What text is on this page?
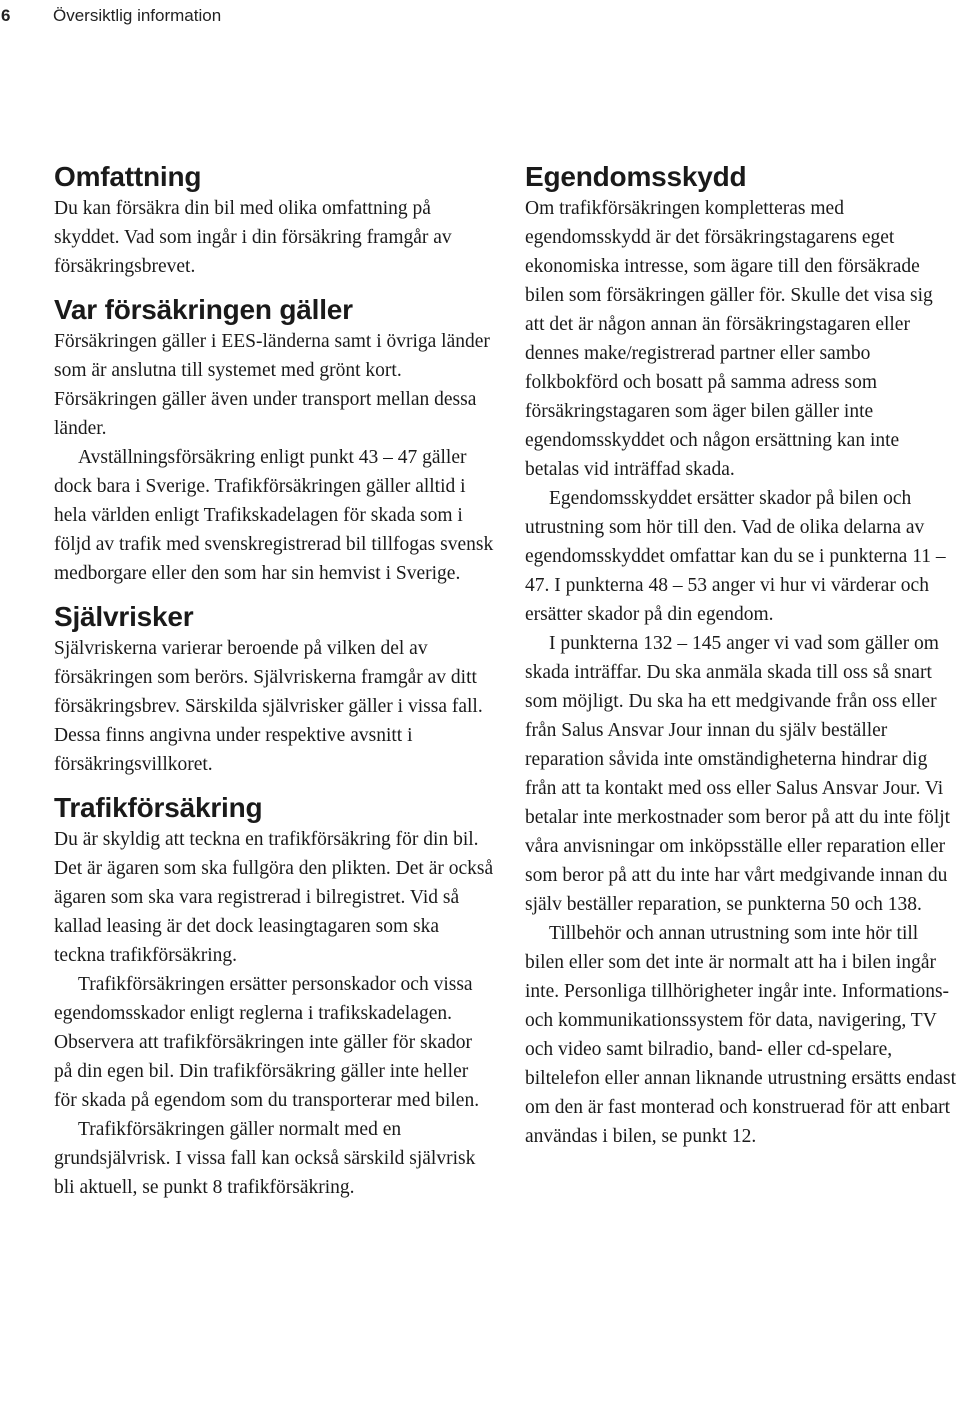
6	Översiktlig information
Omfattning

Du kan försäkra din bil med olika omfattning på skyddet. Vad som ingår i din försäkring framgår av försäkringsbrevet.

Var försäkringen gäller

Försäkringen gäller i EES-länderna samt i övriga länder som är anslutna till systemet med grönt kort. Försäkringen gäller även under transport mellan dessa länder.

Avställningsförsäkring enligt punkt 43 – 47 gäller dock bara i Sverige. Trafikförsäkringen gäller alltid i hela världen enligt Trafikskadelagen för skada som i följd av trafik med svenskregistrerad bil tillfogas svensk medborgare eller den som har sin hemvist i Sverige.

Självrisker

Självriskerna varierar beroende på vilken del av försäkringen som berörs. Självriskerna framgår av ditt försäkringsbrev. Särskilda självrisker gäller i vissa fall. Dessa finns angivna under respektive avsnitt i försäkringsvillkoret.

Trafikförsäkring

Du är skyldig att teckna en trafikförsäkring för din bil. Det är ägaren som ska fullgöra den plikten. Det är också ägaren som ska vara registrerad i bilregistret. Vid så kallad leasing är det dock leasingtagaren som ska teckna trafikförsäkring.

Trafikförsäkringen ersätter personskador och vissa egendomsskador enligt reglerna i trafikskadelagen. Observera att trafikförsäkringen inte gäller för skador på din egen bil. Din trafikförsäkring gäller inte heller för skada på egendom som du transporterar med bilen.

Trafikförsäkringen gäller normalt med en grundsjälvrisk. I vissa fall kan också särskild självrisk bli aktuell, se punkt 8 trafikförsäkring.

Egendomsskydd

Om trafikförsäkringen kompletteras med egendomsskydd är det försäkringstagarens eget ekonomiska intresse, som ägare till den försäkrade bilen som försäkringen gäller för. Skulle det visa sig att det är någon annan än försäkringstagaren eller dennes make/registrerad partner eller sambo folkbokförd och bosatt på samma adress som försäkringstagaren som äger bilen gäller inte egendomsskyddet och någon ersättning kan inte betalas vid inträffad skada.

Egendomsskyddet ersätter skador på bilen och utrustning som hör till den. Vad de olika delarna av egendomsskyddet omfattar kan du se i punkterna 11 – 47. I punkterna 48 – 53 anger vi hur vi värderar och ersätter skador på din egendom.

I punkterna 132 – 145 anger vi vad som gäller om skada inträffar. Du ska anmäla skada till oss så snart som möjligt. Du ska ha ett medgivande från oss eller från Salus Ansvar Jour innan du själv beställer reparation såvida inte omständigheterna hindrar dig från att ta kontakt med oss eller Salus Ansvar Jour. Vi betalar inte merkostnader som beror på att du inte följt våra anvisningar om inköpsställe eller reparation eller som beror på att du inte har vårt medgivande innan du själv beställer reparation, se punkterna 50 och 138.

Tillbehör och annan utrustning som inte hör till bilen eller som det inte är normalt att ha i bilen ingår inte. Personliga tillhörigheter ingår inte. Informations- och kommunikationssystem för data, navigering, TV och video samt bilradio, band- eller cd-spelare, biltelefon eller annan liknande utrustning ersätts endast om den är fast monterad och konstruerad för att enbart användas i bilen, se punkt 12.
